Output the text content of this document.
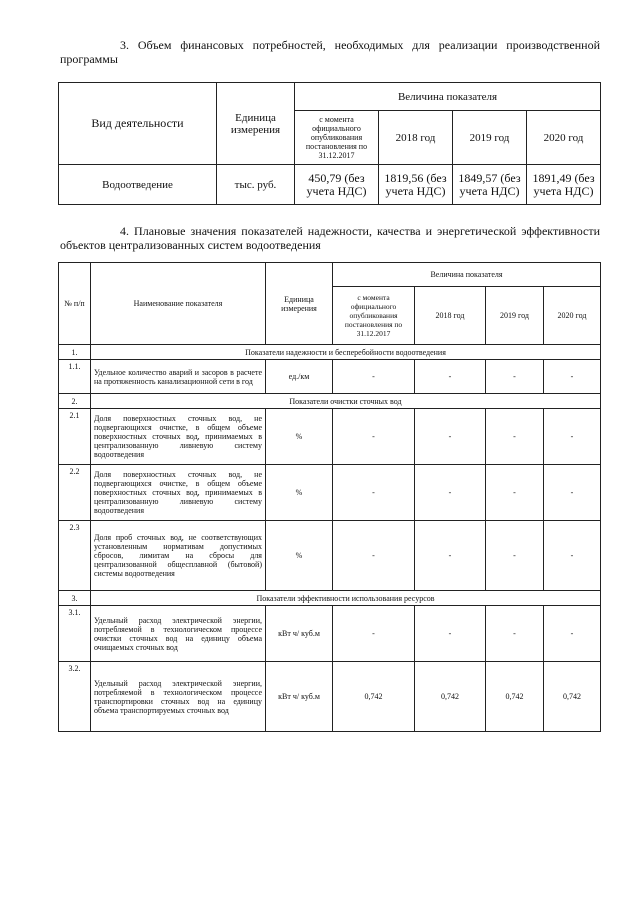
3. Объем финансовых потребностей, необходимых для реализации производственной программы

Вид деятельности	Единица измерения	Величина показателя			
		с момента официального опубликования постановления по 31.12.2017	2018 год	2019 год	2020 год
Водоотведение	тыс. руб.	450,79 (без учета НДС)	1819,56 (без учета НДС)	1849,57 (без учета НДС)	1891,49 (без учета НДС)

4. Плановые значения показателей надежности, качества и энергетической эффективности объектов централизованных систем водоотведения

№ п/п	Наименование показателя	Единица измерения	Величина показателя			
			с момента официального опубликования постановления по 31.12.2017	2018 год	2019 год	2020 год
1.	Показатели надежности и бесперебойности водоотведения					
1.1.	Удельное количество аварий и засоров в расчете на протяженность канализационной сети в год	ед./км	-	-	-	-
2.	Показатели очистки сточных вод					
2.1	Доля поверхностных сточных вод, не подвергающихся очистке, в общем объеме поверхностных сточных вод, принимаемых в централизованную ливневую систему водоотведения	%	-	-	-	-
2.2	Доля поверхностных сточных вод, не подвергающихся очистке, в общем объеме поверхностных сточных вод, принимаемых в централизованную ливневую систему водоотведения	%	-	-	-	-
2.3	Доля проб сточных вод, не соответствующих установленным нормативам допустимых сбросов, лимитам на сбросы для централизованной общесплавной (бытовой) системы водоотведения	%	-	-	-	-
3.	Показатели эффективности использования ресурсов					
3.1.	Удельный расход электрической энергии, потребляемой в технологическом процессе очистки сточных вод на единицу объема очищаемых сточных вод	кВт ч/ куб.м	-	-	-	-
3.2.	Удельный расход электрической энергии, потребляемой в технологическом процессе транспортировки сточных вод на единицу объема транспортируемых сточных вод	кВт ч/ куб.м	0,742	0,742	0,742	0,742
